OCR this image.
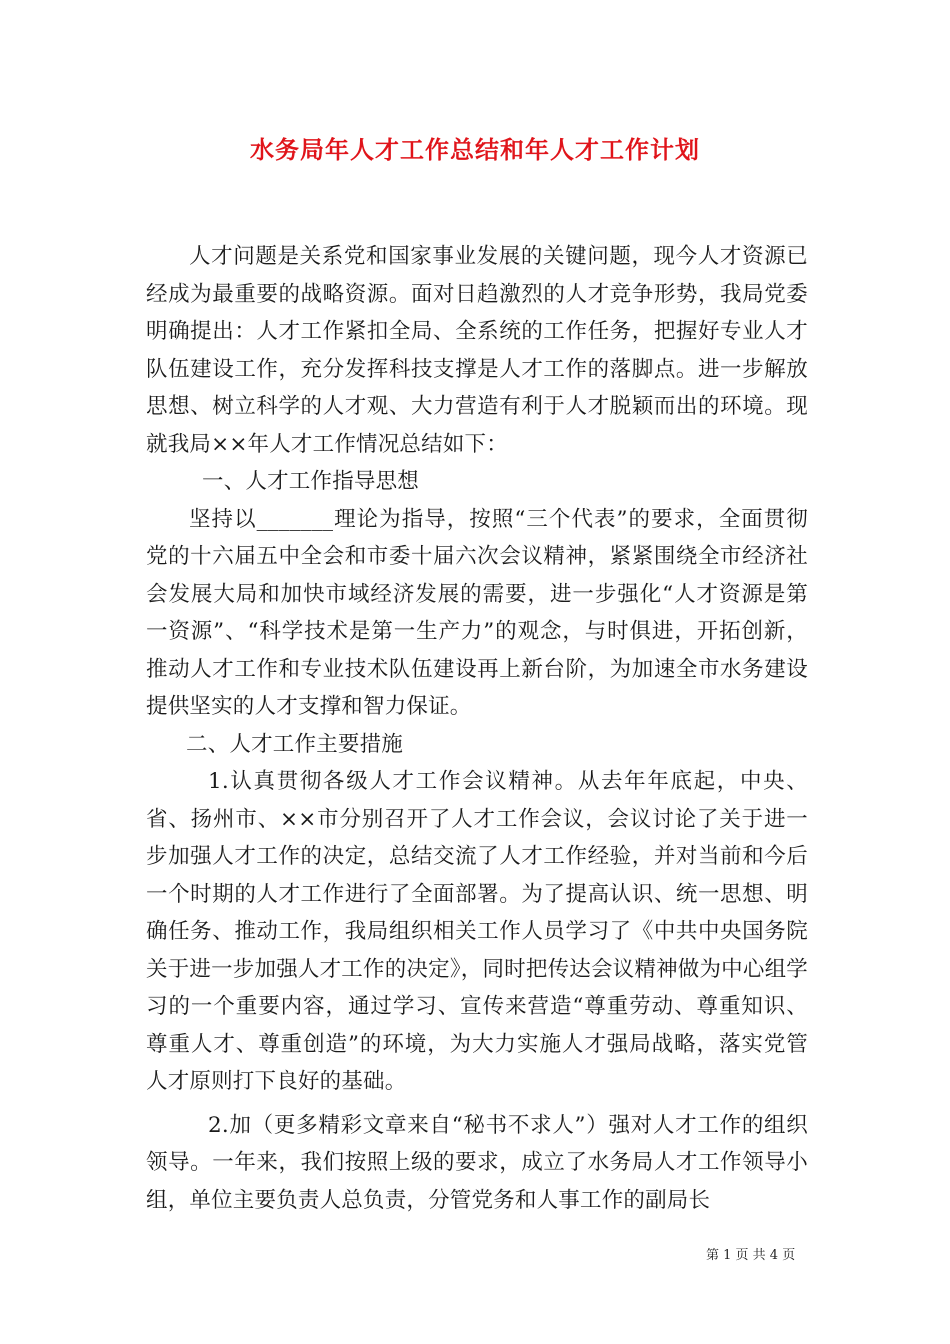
水务局年人才工作总结和年人才工作计划

人才问题是关系党和国家事业发展的关键问题，现今人才资源已经成为最重要的战略资源。面对日趋激烈的人才竞争形势，我局党委明确提出：人才工作紧扣全局、全系统的工作任务，把握好专业人才队伍建设工作，充分发挥科技支撑是人才工作的落脚点。进一步解放思想、树立科学的人才观、大力营造有利于人才脱颖而出的环境。现就我局××年人才工作情况总结如下：

一、人才工作指导思想

坚持以_______理论为指导，按照“三个代表”的要求，全面贯彻党的十六届五中全会和市委十届六次会议精神，紧紧围绕全市经济社会发展大局和加快市域经济发展的需要，进一步强化“人才资源是第一资源”、“科学技术是第一生产力”的观念，与时俱进，开拓创新，推动人才工作和专业技术队伍建设再上新台阶，为加速全市水务建设提供坚实的人才支撑和智力保证。

二、人才工作主要措施

1.认真贯彻各级人才工作会议精神。从去年年底起，中央、省、扬州市、××市分别召开了人才工作会议，会议讨论了关于进一步加强人才工作的决定，总结交流了人才工作经验，并对当前和今后一个时期的人才工作进行了全面部署。为了提高认识、统一思想、明确任务、推动工作，我局组织相关工作人员学习了《中共中央国务院关于进一步加强人才工作的决定》，同时把传达会议精神做为中心组学习的一个重要内容，通过学习、宣传来营造“尊重劳动、尊重知识、尊重人才、尊重创造”的环境，为大力实施人才强局战略，落实党管人才原则打下良好的基础。

2.加（更多精彩文章来自“秘书不求人”）强对人才工作的组织领导。一年来，我们按照上级的要求，成立了水务局人才工作领导小组，单位主要负责人总负责，分管党务和人事工作的副局长

第 1 页 共 4 页
